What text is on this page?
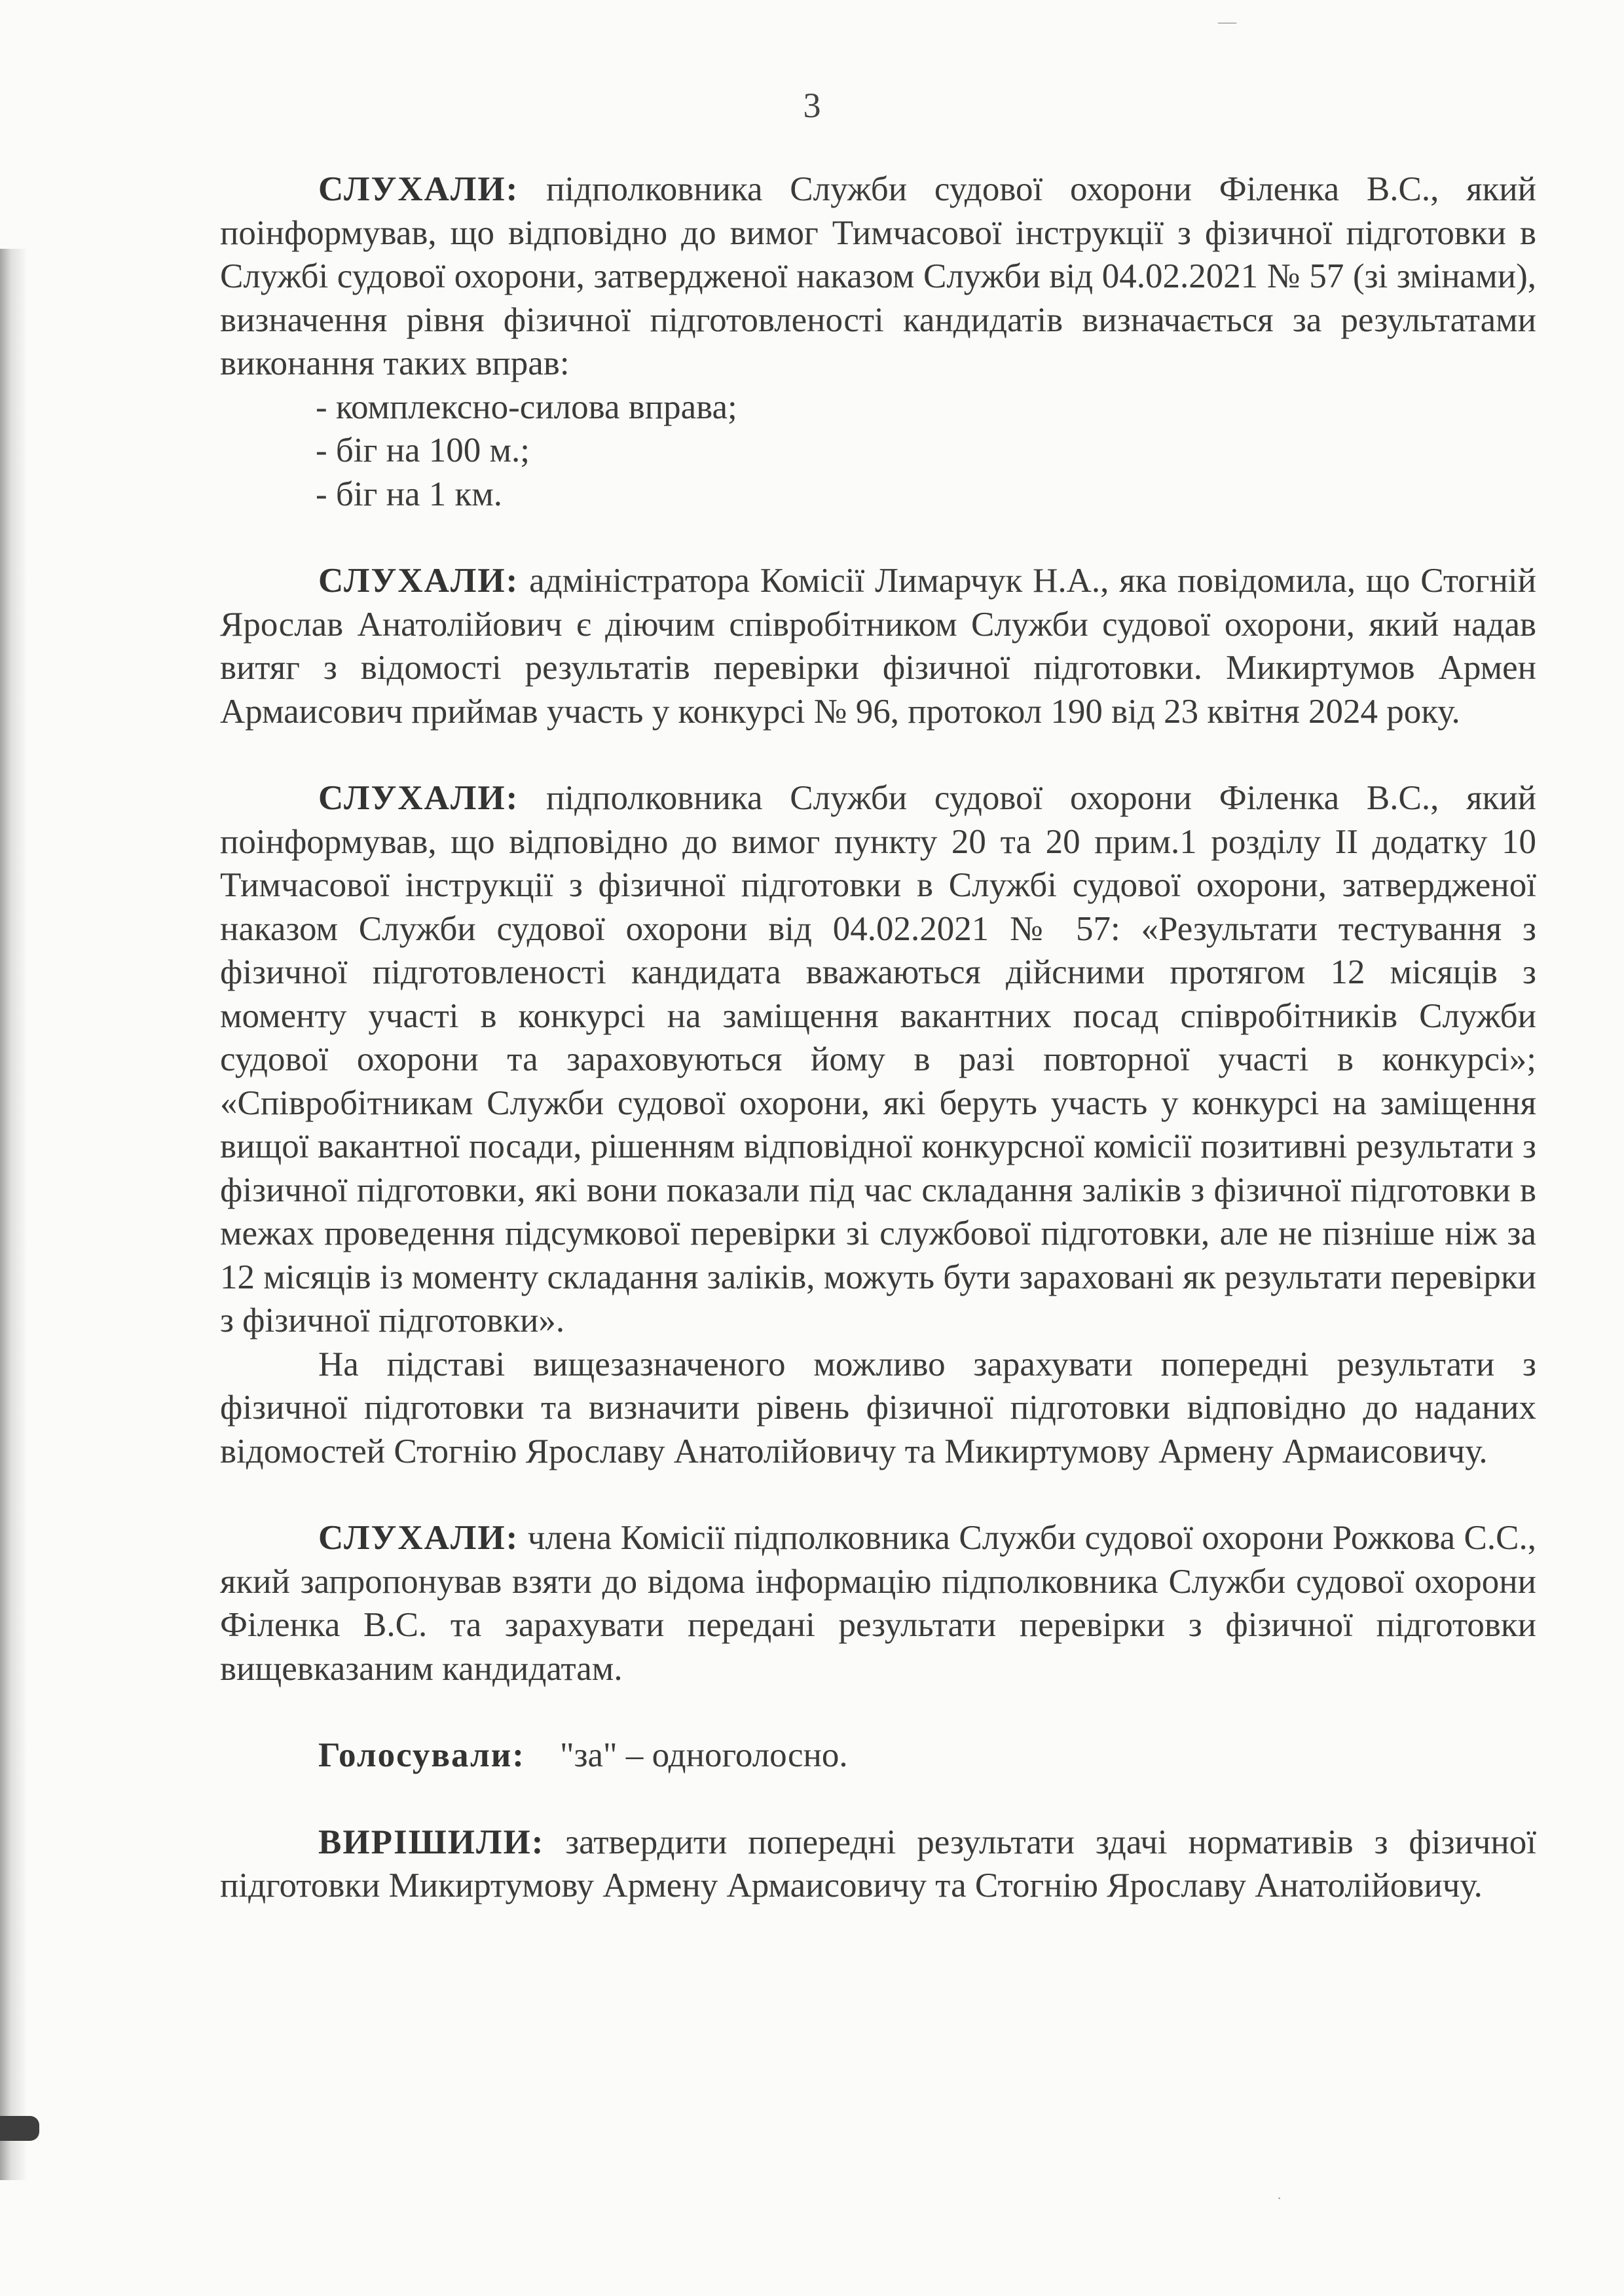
—
·
3

СЛУХАЛИ: підполковника Служби судової охорони Філенка В.С., який поінформував, що відповідно до вимог Тимчасової інструкції з фізичної підготовки в Службі судової охорони, затвердженої наказом Служби від 04.02.2021 № 57 (зі змінами), визначення рівня фізичної підготовленості кандидатів визначається за результатами виконання таких вправ:

- комплексно-силова вправа;

- біг на 100 м.;

- біг на 1 км.

СЛУХАЛИ: адміністратора Комісії Лимарчук Н.А., яка повідомила, що Стогній Ярослав Анатолійович є діючим співробітником Служби судової охорони, який надав витяг з відомості результатів перевірки фізичної підготовки. Микиртумов Армен Армаисович приймав участь у конкурсі № 96, протокол 190 від 23 квітня 2024 року.

СЛУХАЛИ: підполковника Служби судової охорони Філенка В.С., який поінформував, що відповідно до вимог пункту 20 та 20 прим.1 розділу ІІ додатку 10 Тимчасової інструкції з фізичної підготовки в Службі судової охорони, затвердженої наказом Служби судової охорони від 04.02.2021 № 57: «Результати тестування з фізичної підготовленості кандидата вважаються дійсними протягом 12 місяців з моменту участі в конкурсі на заміщення вакантних посад співробітників Служби судової охорони та зараховуються йому в разі повторної участі в конкурсі»; «Співробітникам Служби судової охорони, які беруть участь у конкурсі на заміщення вищої вакантної посади, рішенням відповідної конкурсної комісії позитивні результати з фізичної підготовки, які вони показали під час складання заліків з фізичної підготовки в межах проведення підсумкової перевірки зі службової підготовки, але не пізніше ніж за 12 місяців із моменту складання заліків, можуть бути зараховані як результати перевірки з фізичної підготовки».

На підставі вищезазначеного можливо зарахувати попередні результати з фізичної підготовки та визначити рівень фізичної підготовки відповідно до наданих відомостей Стогнію Ярославу Анатолійовичу та Микиртумову Армену Армаисовичу.

СЛУХАЛИ: члена Комісії підполковника Служби судової охорони Рожкова С.С., який запропонував взяти до відома інформацію підполковника Служби судової охорони Філенка В.С. та зарахувати передані результати перевірки з фізичної підготовки вищевказаним кандидатам.

Голосували: "за" – одноголосно.

ВИРІШИЛИ: затвердити попередні результати здачі нормативів з фізичної підготовки Микиртумову Армену Армаисовичу та Стогнію Ярославу Анатолійовичу.
